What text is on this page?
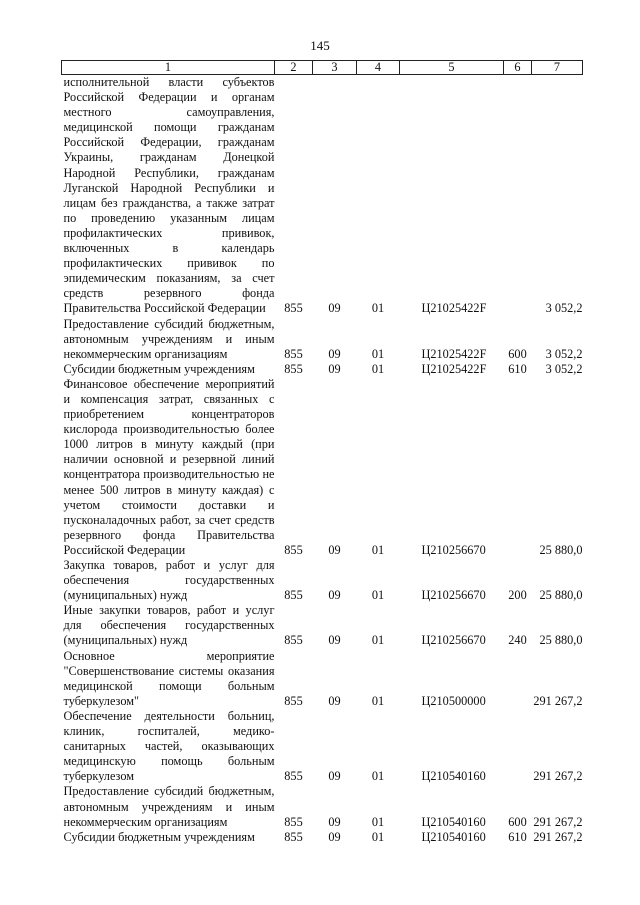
145
1	2	3	4	5	6	7
исполнительной власти субъектов Российской Федерации и органам местного самоуправления, медицинской помощи гражданам Российской Федерации, гражданам Украины, гражданам Донецкой Народной Республики, гражданам Луганской Народной Республики и лицам без гражданства, а также затрат по проведению указанным лицам профилактических прививок, включенных в календарь профилактических прививок по эпидемическим показаниям, за счет средств резервного фонда Правительства Российской Федерации	855	09	01	Ц21025422F		3 052,2
Предоставление субсидий бюджетным, автономным учреждениям и иным некоммерческим организациям	855	09	01	Ц21025422F	600	3 052,2
Субсидии бюджетным учреждениям	855	09	01	Ц21025422F	610	3 052,2
Финансовое обеспечение мероприятий и компенсация затрат, связанных с приобретением концентраторов кислорода производительностью более 1000 литров в минуту каждый (при наличии основной и резервной линий концентратора производительностью не менее 500 литров в минуту каждая) с учетом стоимости доставки и пусконаладочных работ, за счет средств резервного фонда Правительства Российской Федерации	855	09	01	Ц210256670		25 880,0
Закупка товаров, работ и услуг для обеспечения государственных (муниципальных) нужд	855	09	01	Ц210256670	200	25 880,0
Иные закупки товаров, работ и услуг для обеспечения государственных (муниципальных) нужд	855	09	01	Ц210256670	240	25 880,0
Основное мероприятие "Совершенствование системы оказания медицинской помощи больным туберкулезом"	855	09	01	Ц210500000		291 267,2
Обеспечение деятельности больниц, клиник, госпиталей, медико-санитарных частей, оказывающих медицинскую помощь больным туберкулезом	855	09	01	Ц210540160		291 267,2
Предоставление субсидий бюджетным, автономным учреждениям и иным некоммерческим организациям	855	09	01	Ц210540160	600	291 267,2
Субсидии бюджетным учреждениям	855	09	01	Ц210540160	610	291 267,2
